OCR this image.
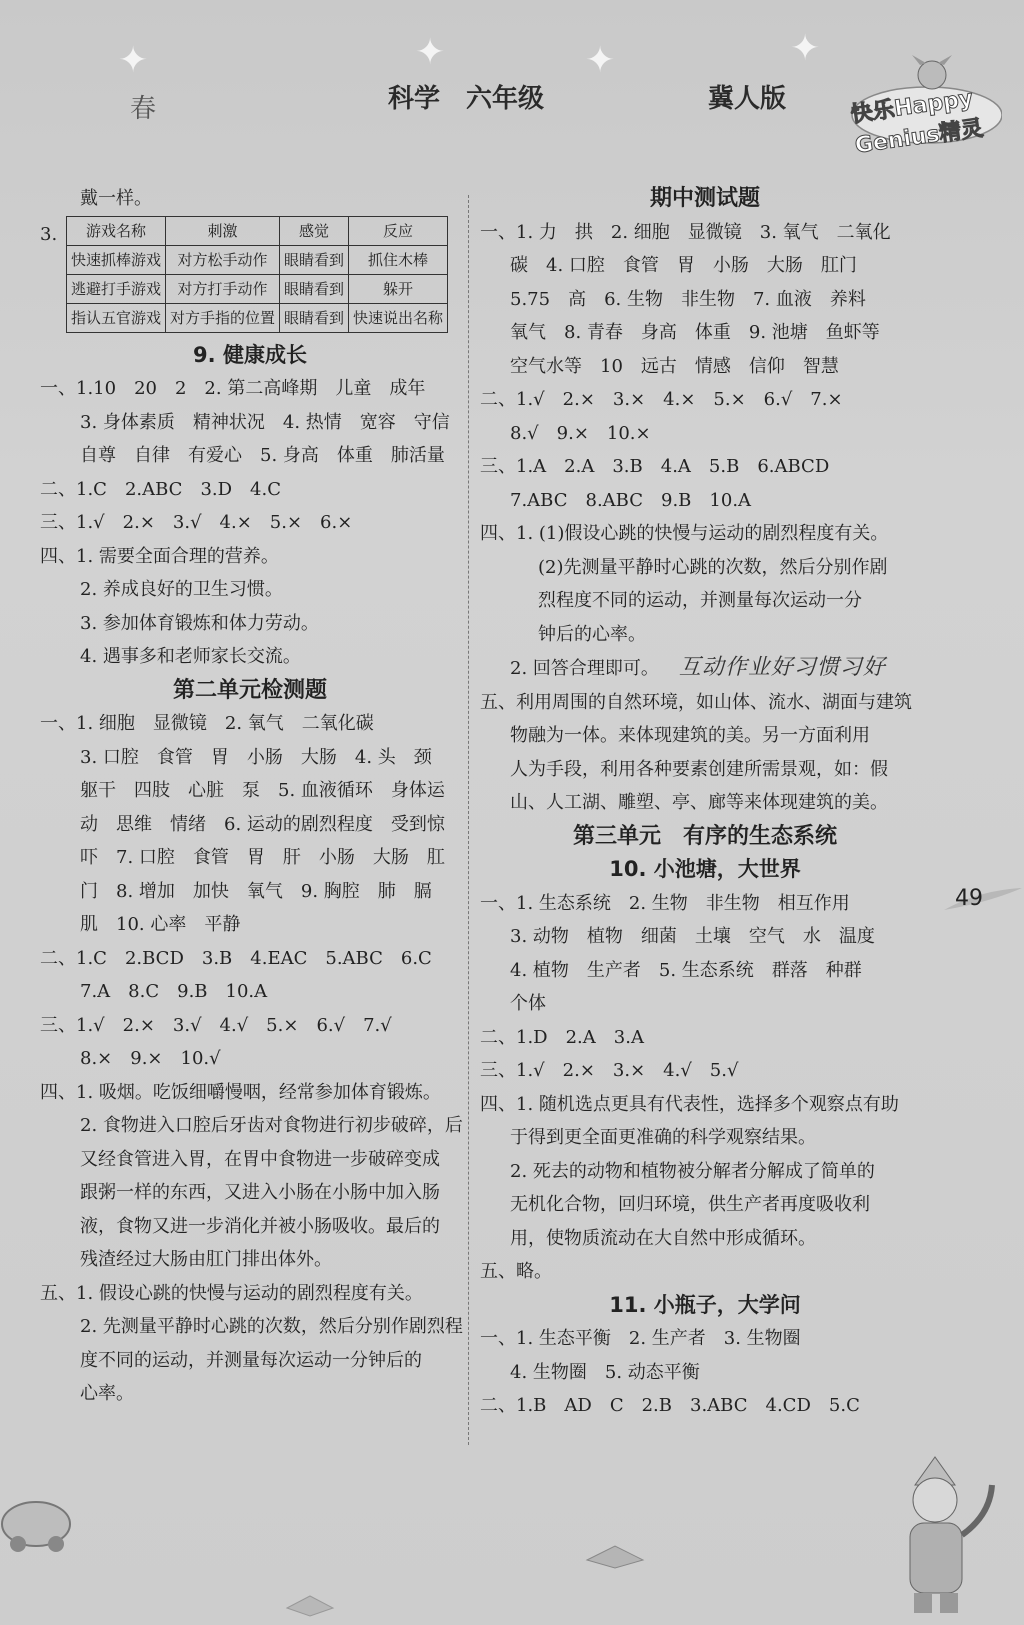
✦	✦	✦	✦
春	科学 六年级	冀人版	快乐Happy Genius精灵
戴一样。
3. 游戏名称	刺激	感觉	反应
快速抓棒游戏	对方松手动作	眼睛看到	抓住木棒
逃避打手游戏	对方打手动作	眼睛看到	躲开
指认五官游戏	对方手指的位置	眼睛看到	快速说出名称
9. 健康成长
一、1.10　20　2　2. 第二高峰期　儿童　成年
3. 身体素质　精神状况　4. 热情　宽容　守信
自尊　自律　有爱心　5. 身高　体重　肺活量
二、1.C　2.ABC　3.D　4.C
三、1.√　2.×　3.√　4.×　5.×　6.×
四、1. 需要全面合理的营养。
2. 养成良好的卫生习惯。
3. 参加体育锻炼和体力劳动。
4. 遇事多和老师家长交流。
第二单元检测题
一、1. 细胞　显微镜　2. 氧气　二氧化碳
3. 口腔　食管　胃　小肠　大肠　4. 头　颈
躯干　四肢　心脏　泵　5. 血液循环　身体运
动　思维　情绪　6. 运动的剧烈程度　受到惊
吓　7. 口腔　食管　胃　肝　小肠　大肠　肛
门　8. 增加　加快　氧气　9. 胸腔　肺　膈
肌　10. 心率　平静
二、1.C　2.BCD　3.B　4.EAC　5.ABC　6.C
7.A　8.C　9.B　10.A
三、1.√　2.×　3.√　4.√　5.×　6.√　7.√
8.×　9.×　10.√
四、1. 吸烟。吃饭细嚼慢咽，经常参加体育锻炼。
2. 食物进入口腔后牙齿对食物进行初步破碎，后
又经食管进入胃，在胃中食物进一步破碎变成
跟粥一样的东西，又进入小肠在小肠中加入肠
液，食物又进一步消化并被小肠吸收。最后的
残渣经过大肠由肛门排出体外。
五、1. 假设心跳的快慢与运动的剧烈程度有关。
2. 先测量平静时心跳的次数，然后分别作剧烈程
度不同的运动，并测量每次运动一分钟后的
心率。
期中测试题
一、1. 力　拱　2. 细胞　显微镜　3. 氧气　二氧化
碳　4. 口腔　食管　胃　小肠　大肠　肛门
5.75　高　6. 生物　非生物　7. 血液　养料
氧气　8. 青春　身高　体重　9. 池塘　鱼虾等
空气水等　10　远古　情感　信仰　智慧
二、1.√　2.×　3.×　4.×　5.×　6.√　7.×
8.√　9.×　10.×
三、1.A　2.A　3.B　4.A　5.B　6.ABCD
7.ABC　8.ABC　9.B　10.A
四、1. (1)假设心跳的快慢与运动的剧烈程度有关。
(2)先测量平静时心跳的次数，然后分别作剧
烈程度不同的运动，并测量每次运动一分
钟后的心率。
2. 回答合理即可。 互动作业好习惯习好
五、利用周围的自然环境，如山体、流水、湖面与建筑
物融为一体。来体现建筑的美。另一方面利用
人为手段，利用各种要素创建所需景观，如：假
山、人工湖、雕塑、亭、廊等来体现建筑的美。
第三单元　有序的生态系统
10. 小池塘，大世界
一、1. 生态系统　2. 生物　非生物　相互作用
3. 动物　植物　细菌　土壤　空气　水　温度
4. 植物　生产者　5. 生态系统　群落　种群
个体
二、1.D　2.A　3.A
三、1.√　2.×　3.×　4.√　5.√
四、1. 随机选点更具有代表性，选择多个观察点有助
于得到更全面更准确的科学观察结果。
2. 死去的动物和植物被分解者分解成了简单的
无机化合物，回归环境，供生产者再度吸收利
用，使物质流动在大自然中形成循环。
五、略。
11. 小瓶子，大学问
一、1. 生态平衡　2. 生产者　3. 生物圈
4. 生物圈　5. 动态平衡
二、1.B　AD　C　2.B　3.ABC　4.CD　5.C
49
